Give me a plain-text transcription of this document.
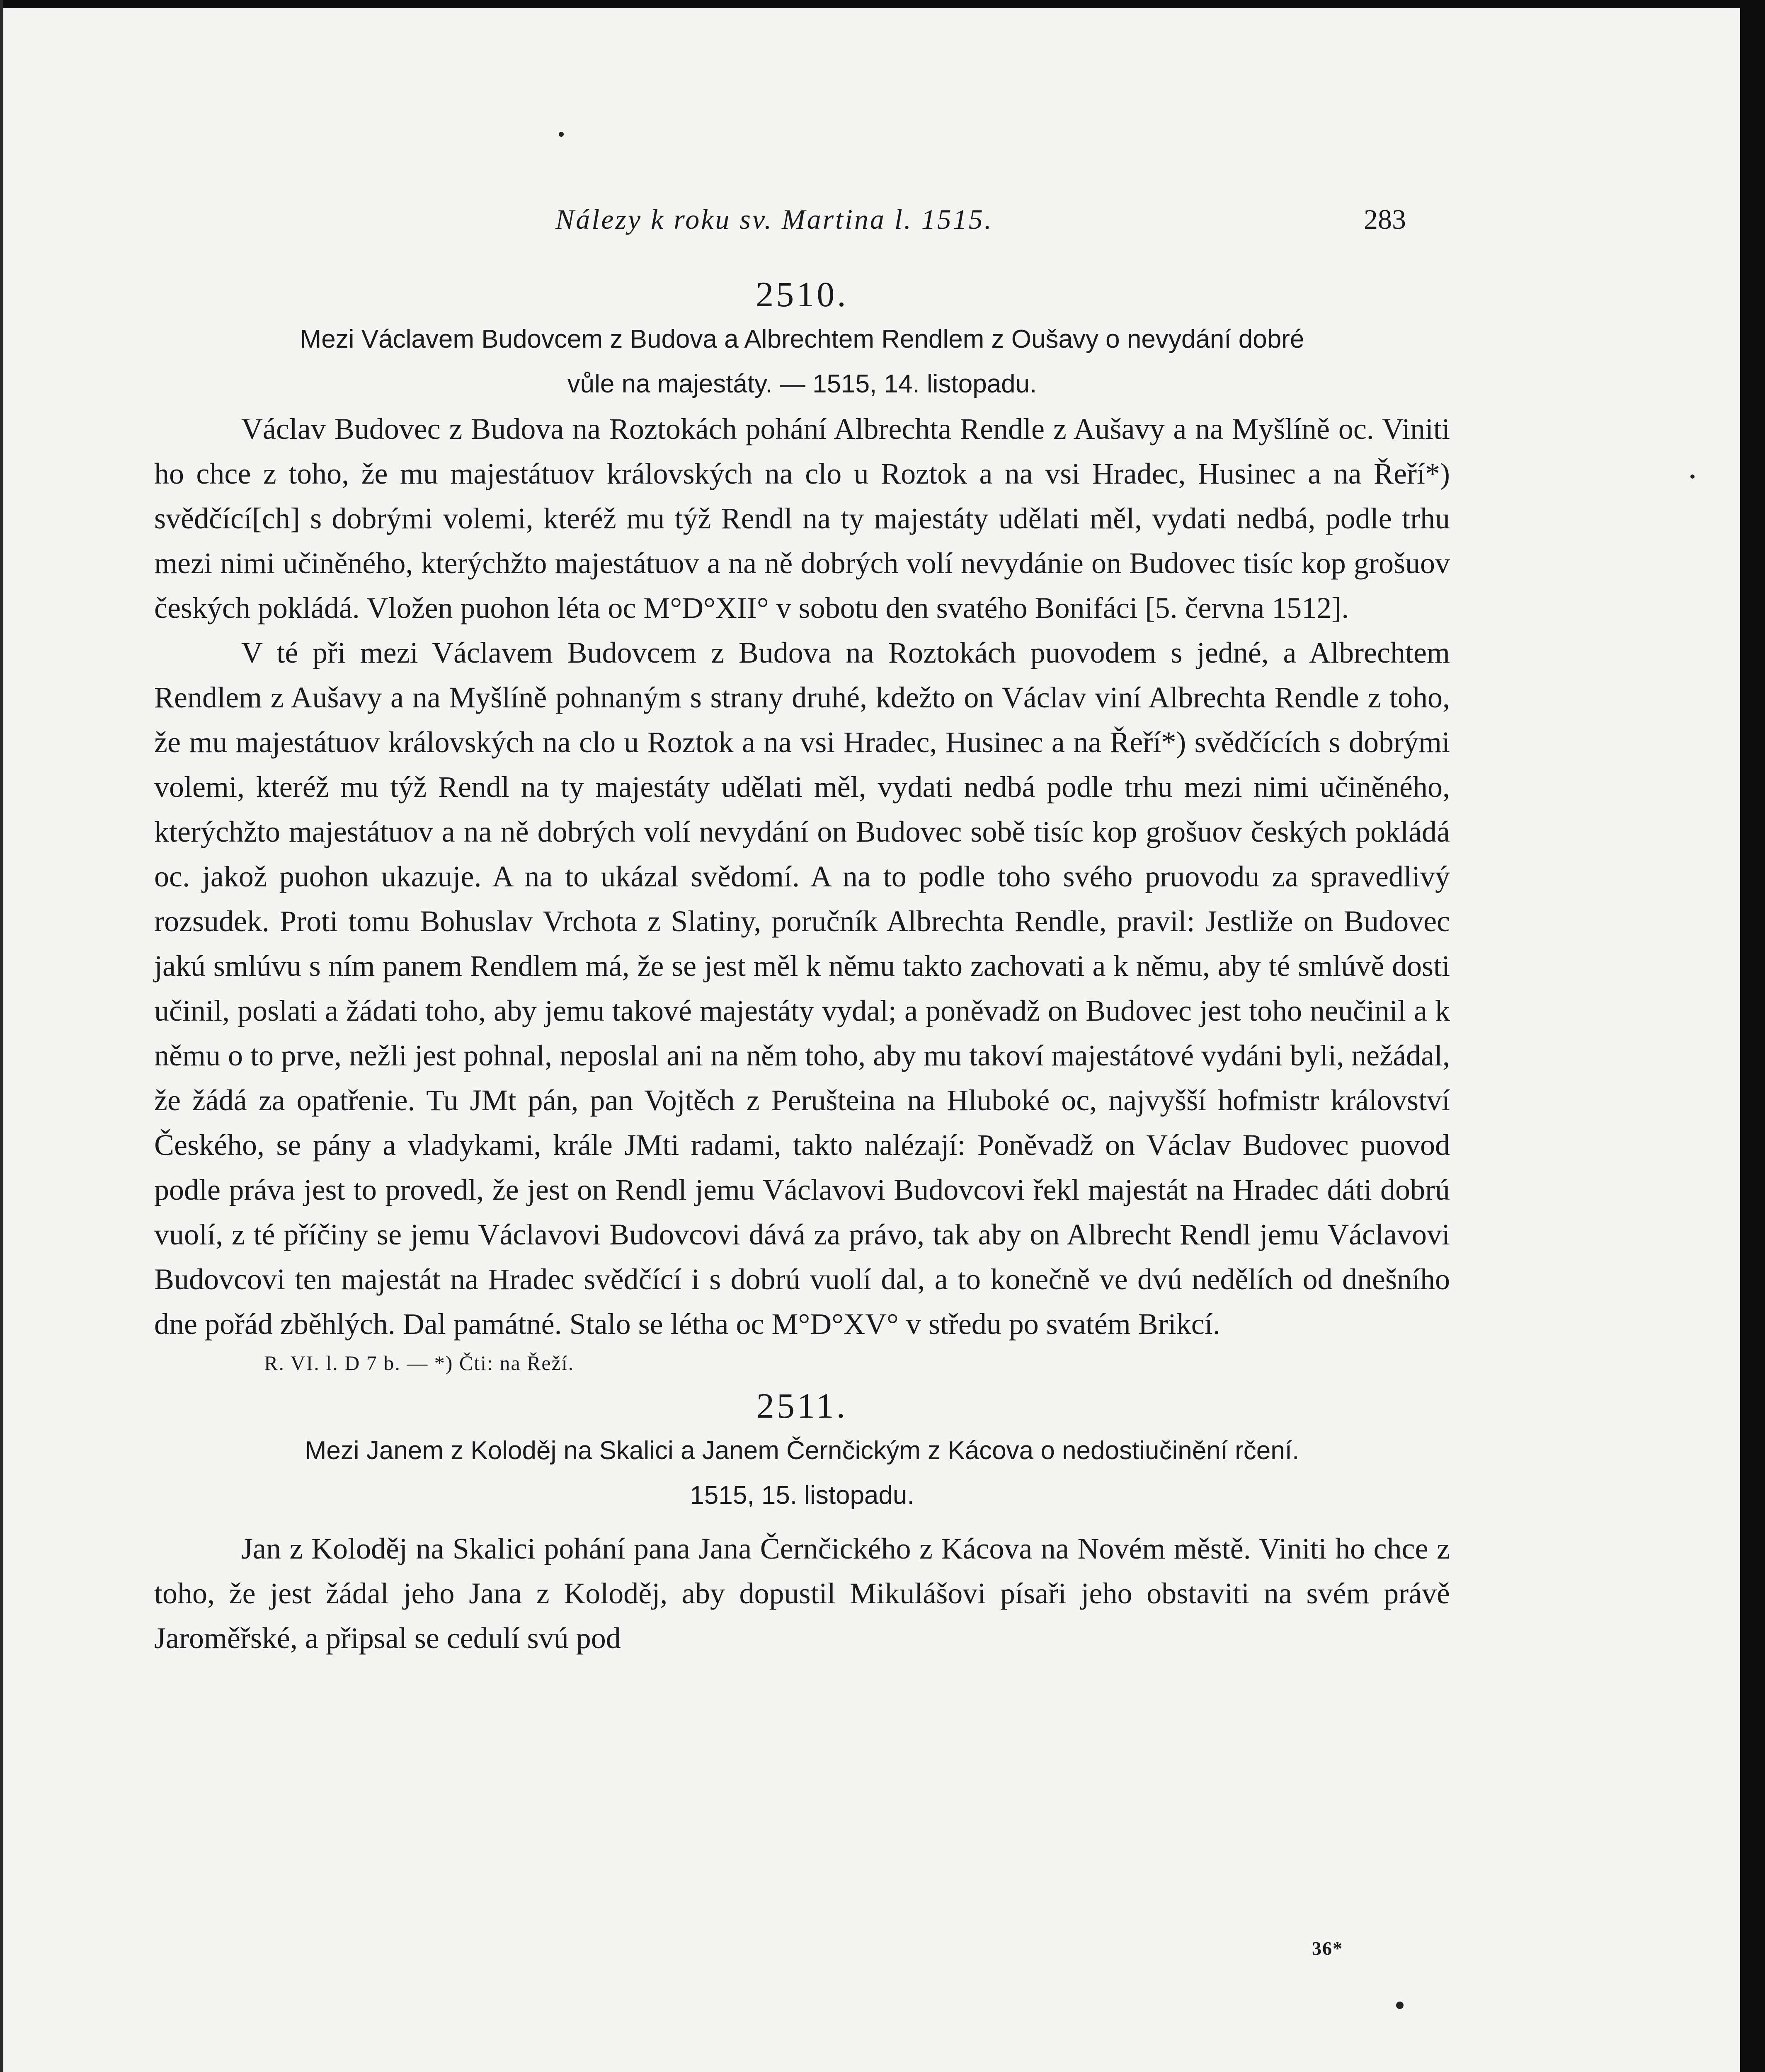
Nálezy k roku sv. Martina l. 1515.	283

2510.

Mezi Václavem Budovcem z Budova a Albrechtem Rendlem z Oušavy o nevydání dobré

vůle na majestáty. — 1515, 14. listopadu.

Václav Budovec z Budova na Roztokách pohání Albrechta Rendle z Aušavy a na Myšlíně oc. Viniti ho chce z toho, že mu majestátuov královských na clo u Roztok a na vsi Hradec, Husinec a na Řeří*) svědčící[ch] s dobrými volemi, kteréž mu týž Rendl na ty majestáty udělati měl, vydati nedbá, podle trhu mezi nimi učiněného, kterýchžto majestátuov a na ně dobrých volí nevydánie on Budovec tisíc kop grošuov českých pokládá. Vložen puohon léta oc M°D°XII° v sobotu den svatého Bonifáci [5. června 1512].

V té při mezi Václavem Budovcem z Budova na Roztokách puovodem s jedné, a Albrechtem Rendlem z Aušavy a na Myšlíně pohnaným s strany druhé, kdežto on Václav viní Albrechta Rendle z toho, že mu majestátuov královských na clo u Roztok a na vsi Hradec, Husinec a na Řeří*) svědčících s dobrými volemi, kteréž mu týž Rendl na ty majestáty udělati měl, vydati nedbá podle trhu mezi nimi učiněného, kterýchžto majestátuov a na ně dobrých volí nevydání on Budovec sobě tisíc kop grošuov českých pokládá oc. jakož puohon ukazuje. A na to ukázal svědomí. A na to podle toho svého pruovodu za spravedlivý rozsudek. Proti tomu Bohuslav Vrchota z Slatiny, poručník Albrechta Rendle, pravil: Jestliže on Budovec jakú smlúvu s ním panem Rendlem má, že se jest měl k němu takto zachovati a k němu, aby té smlúvě dosti učinil, poslati a žádati toho, aby jemu takové majestáty vydal; a poněvadž on Budovec jest toho neučinil a k němu o to prve, nežli jest pohnal, neposlal ani na něm toho, aby mu takoví majestátové vydáni byli, nežádal, že žádá za opatřenie. Tu JMt pán, pan Vojtěch z Perušteina na Hluboké oc, najvyšší hofmistr království Českého, se pány a vladykami, krále JMti radami, takto nalézají: Poněvadž on Václav Budovec puovod podle práva jest to provedl, že jest on Rendl jemu Václavovi Budovcovi řekl majestát na Hradec dáti dobrú vuolí, z té příčiny se jemu Václavovi Budovcovi dává za právo, tak aby on Albrecht Rendl jemu Václavovi Budovcovi ten majestát na Hradec svědčící i s dobrú vuolí dal, a to konečně ve dvú nedělích od dnešního dne pořád zběhlých. Dal památné. Stalo se létha oc M°D°XV° v středu po svatém Brikcí.

R. VI. l. D 7 b. — *) Čti: na Řeží.

2511.

Mezi Janem z Koloděj na Skalici a Janem Černčickým z Kácova o nedostiučinění rčení.

1515, 15. listopadu.

Jan z Koloděj na Skalici pohání pana Jana Černčického z Kácova na Novém městě. Viniti ho chce z toho, že jest žádal jeho Jana z Koloděj, aby dopustil Mikulášovi písaři jeho obstaviti na svém právě Jaroměřské, a připsal se cedulí svú pod

36*
